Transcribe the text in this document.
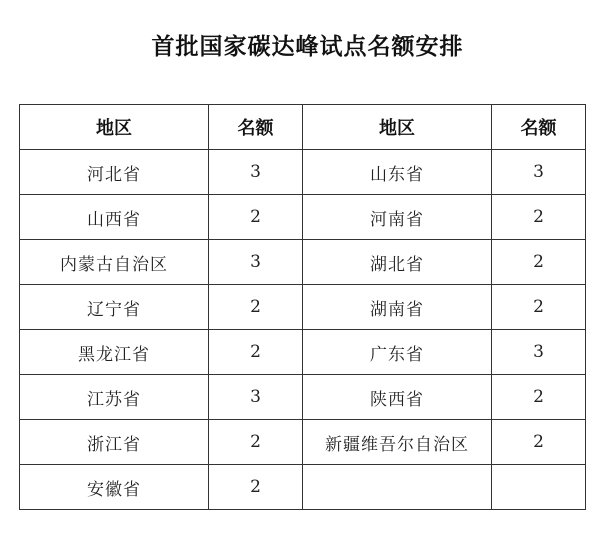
首批国家碳达峰试点名额安排
地区	名额	地区	名额
河北省	3	山东省	3
山西省	2	河南省	2
内蒙古自治区	3	湖北省	2
辽宁省	2	湖南省	2
黑龙江省	2	广东省	3
江苏省	3	陕西省	2
浙江省	2	新疆维吾尔自治区	2
安徽省	2		
